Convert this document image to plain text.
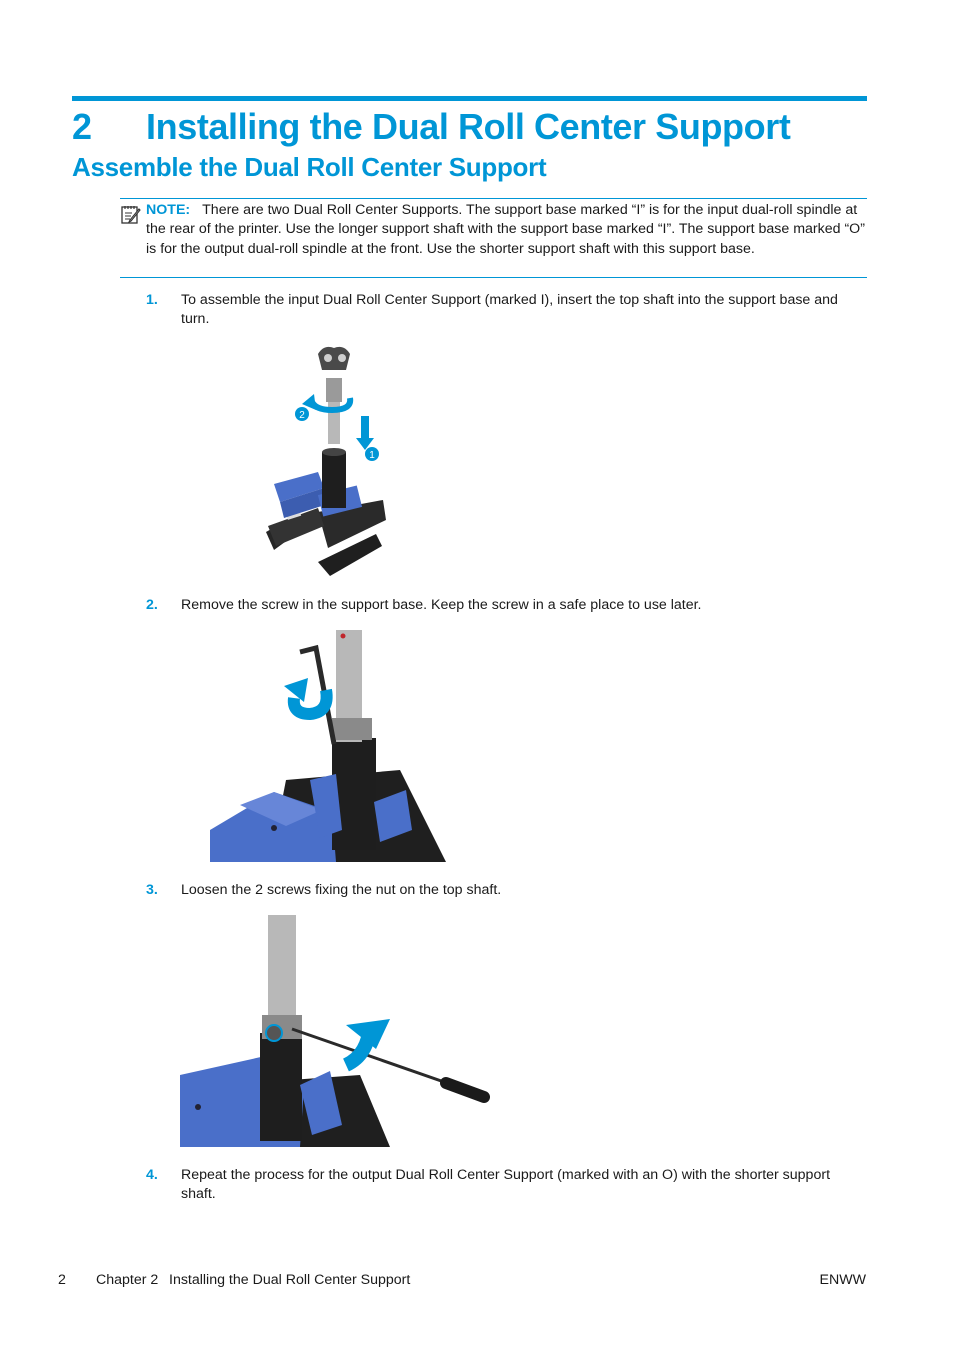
2 Installing the Dual Roll Center Support
Assemble the Dual Roll Center Support

NOTE: There are two Dual Roll Center Supports. The support base marked “I” is for the input dual-roll spindle at the rear of the printer. Use the longer support shaft with the support base marked “I”. The support base marked “O” is for the output dual-roll spindle at the front. Use the shorter support shaft with this support base.

1. To assemble the input Dual Roll Center Support (marked I), insert the top shaft into the support base and turn.

1
2
2. Remove the screw in the support base. Keep the screw in a safe place to use later.

3. Loosen the 2 screws fixing the nut on the top shaft.

4. Repeat the process for the output Dual Roll Center Support (marked with an O) with the shorter support shaft.

2 Chapter 2 Installing the Dual Roll Center Support	ENWW
